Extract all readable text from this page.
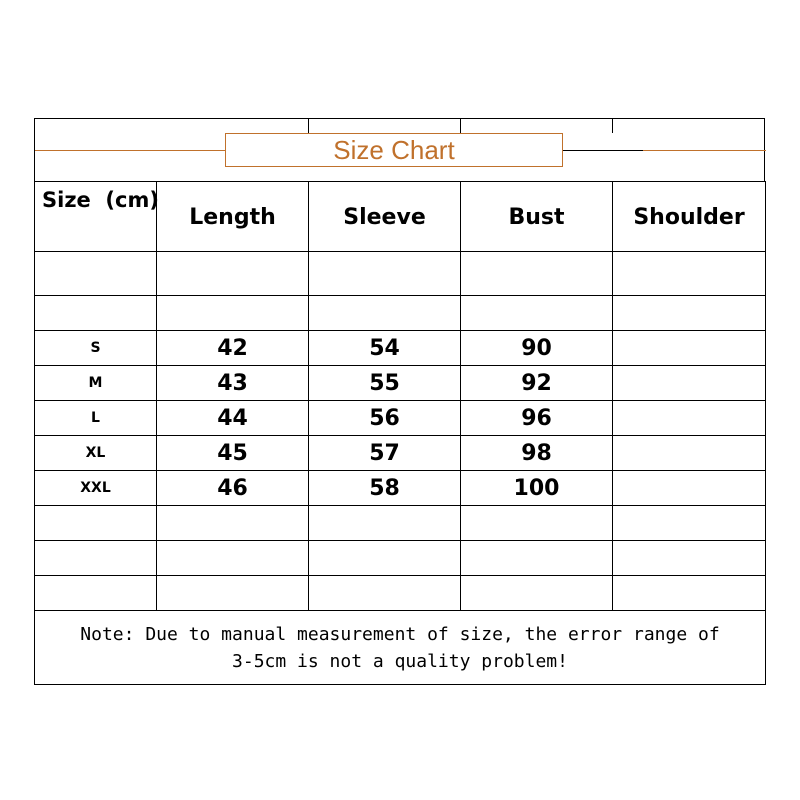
Size Chart
Size  (cm)	Length	Sleeve	Bust	Shoulder

S	42	54	90	
M	43	55	92	
L	44	56	96	
XL	45	57	98	
XXL	46	58	100	

Note: Due to manual measurement of size, the error range of
3-5cm is not a quality problem!				
